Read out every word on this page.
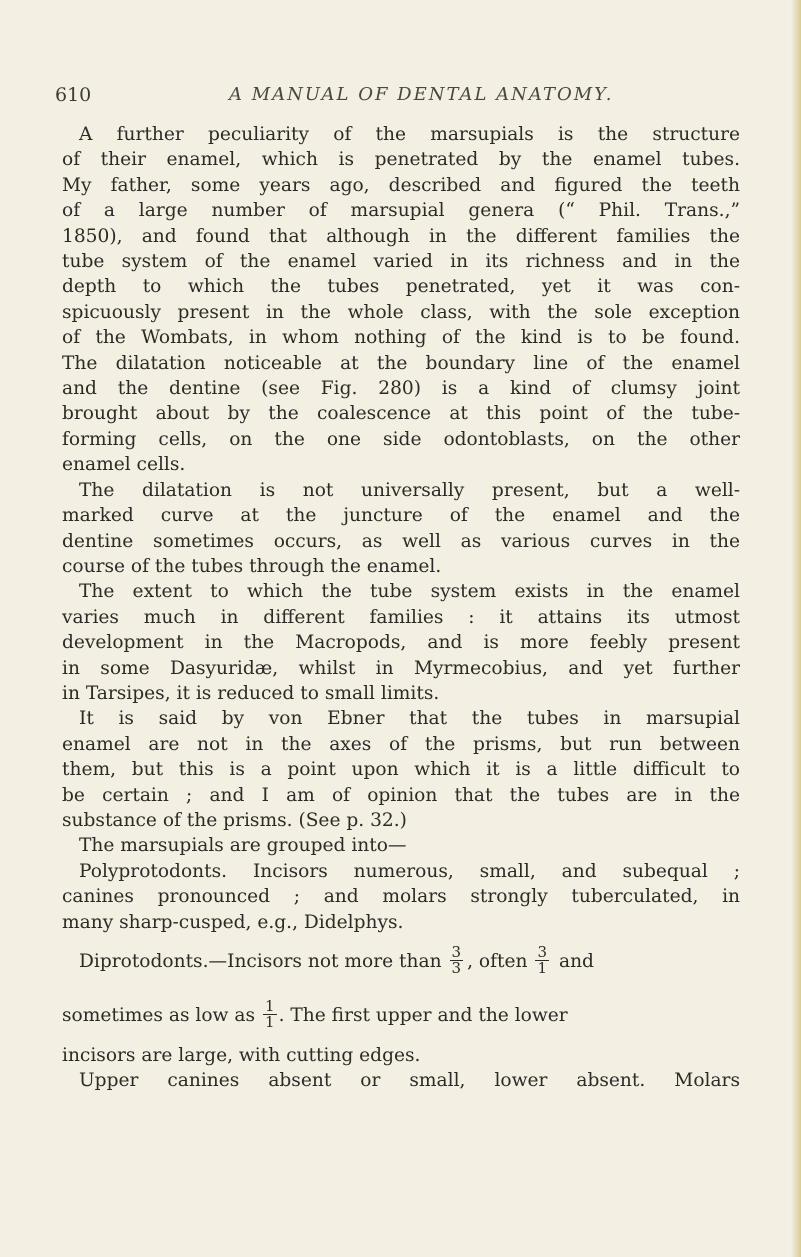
610	A MANUAL OF DENTAL ANATOMY.
A further peculiarity of the marsupials is the structure
of their enamel, which is penetrated by the enamel tubes.
My father, some years ago, described and figured the teeth
of a large number of marsupial genera (“ Phil. Trans.,”
1850), and found that although in the different families the
tube system of the enamel varied in its richness and in the
depth to which the tubes penetrated, yet it was con-
spicuously present in the whole class, with the sole exception
of the Wombats, in whom nothing of the kind is to be found.
The dilatation noticeable at the boundary line of the enamel
and the dentine (see Fig. 280) is a kind of clumsy joint
brought about by the coalescence at this point of the tube-
forming cells, on the one side odontoblasts, on the other
enamel cells.
The dilatation is not universally present, but a well-
marked curve at the juncture of the enamel and the
dentine sometimes occurs, as well as various curves in the
course of the tubes through the enamel.
The extent to which the tube system exists in the enamel
varies much in different families : it attains its utmost
development in the Macropods, and is more feebly present
in some Dasyuridæ, whilst in Myrmecobius, and yet further
in Tarsipes, it is reduced to small limits.
It is said by von Ebner that the tubes in marsupial
enamel are not in the axes of the prisms, but run between
them, but this is a point upon which it is a little difficult to
be certain ; and I am of opinion that the tubes are in the
substance of the prisms. (See p. 32.)
The marsupials are grouped into—
Polyprotodonts. Incisors numerous, small, and subequal ;
canines pronounced ; and molars strongly tuberculated, in
many sharp-cusped, e.g., Didelphys.
Diprotodonts.—Incisors not more than $\frac{3}{3}$ , often $\frac{3}{1}$ and
sometimes as low as $\frac{1}{1}$ . The first upper and the lower
incisors are large, with cutting edges.
Upper canines absent or small, lower absent. Molars
